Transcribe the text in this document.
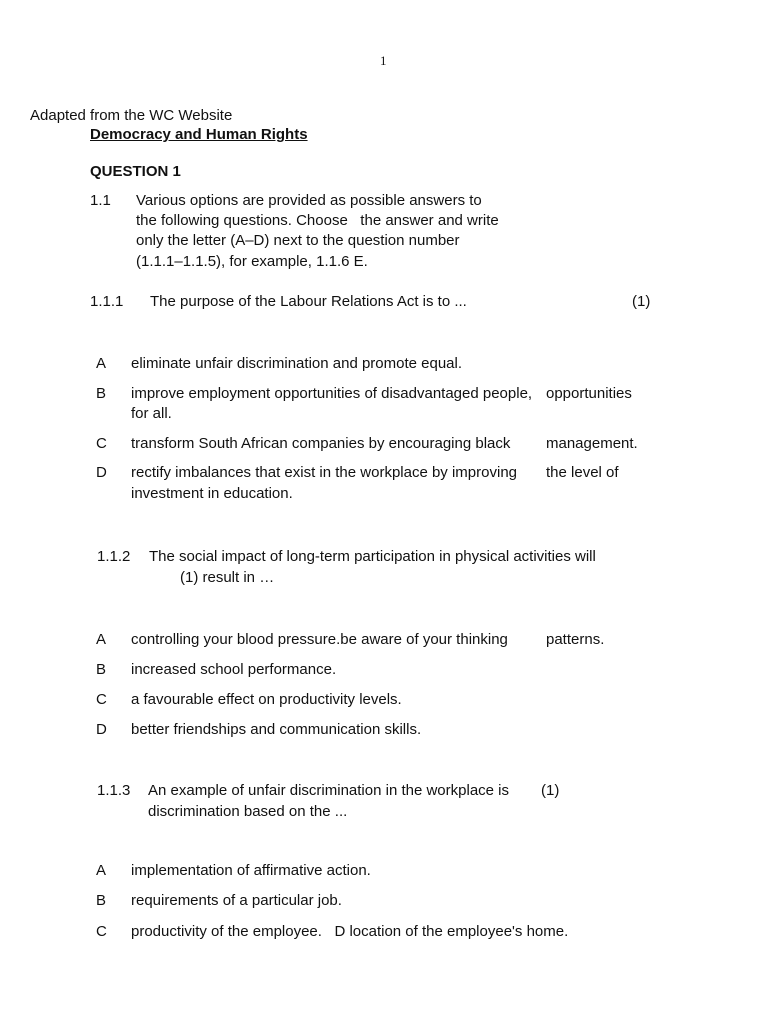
1
Adapted from the WC Website
Democracy and Human Rights
QUESTION 1
1.1 Various options are provided as possible answers to
the following questions. Choose   the answer and write
only the letter (A–D) next to the question number
(1.1.1–1.1.5), for example, 1.1.6 E.
1.1.1 The purpose of the Labour Relations Act is to ...	(1)
A eliminate unfair discrimination and promote equal.
B improve employment opportunities of disadvantaged people, opportunities
for all.
C transform South African companies by encouraging black management.
D rectify imbalances that exist in the workplace by improving the level of
investment in education.
1.1.2 The social impact of long-term participation in physical activities will
(1) result in …
A controlling your blood pressure.be aware of your thinking	patterns.
B increased school performance.
C a favourable effect on productivity levels.
D better friendships and communication skills.
1.1.3 An example of unfair discrimination in the workplace is (1)
discrimination based on the ...
A implementation of affirmative action.
B requirements of a particular job.
C productivity of the employee.   D location of the employee's home.
